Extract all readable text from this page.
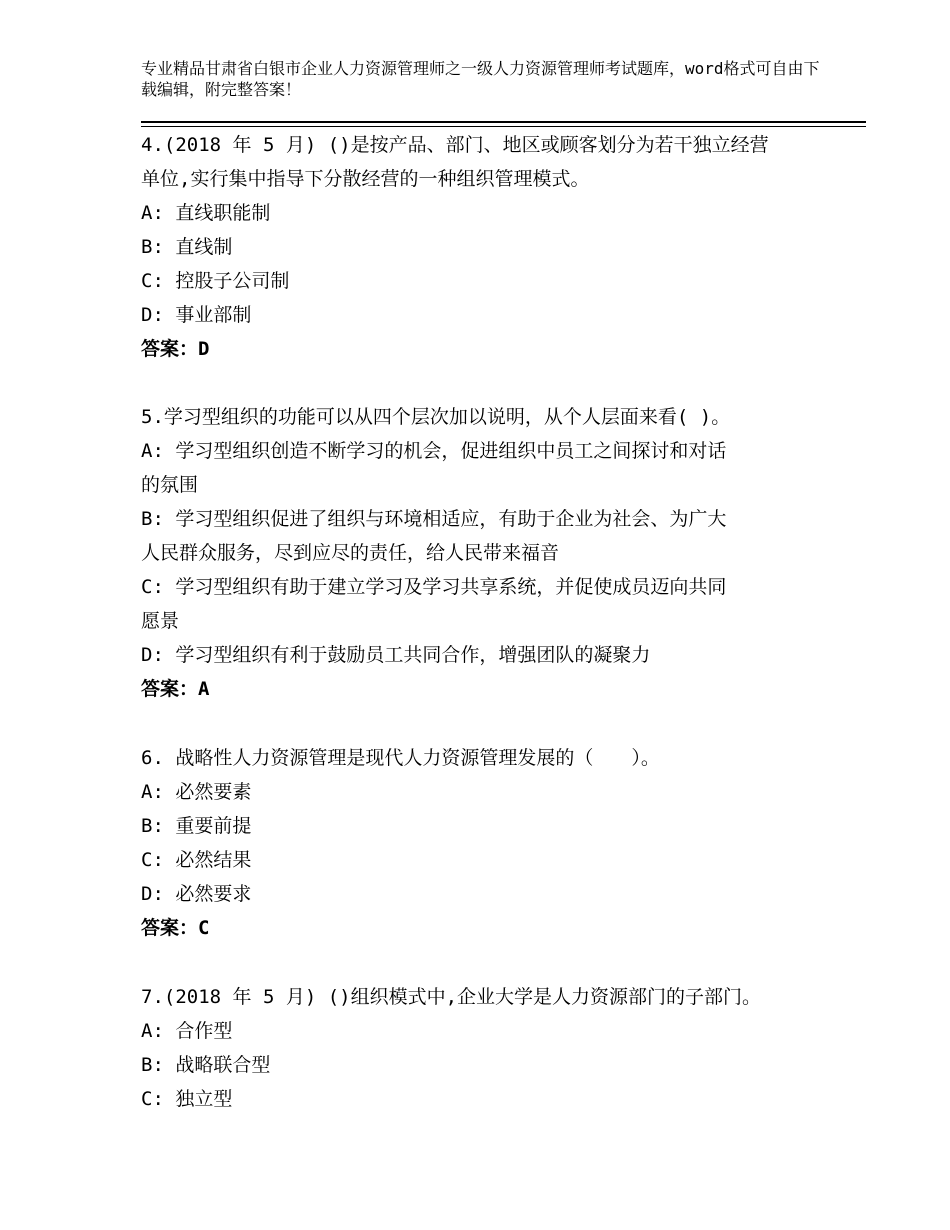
专业精品甘肃省白银市企业人力资源管理师之一级人力资源管理师考试题库，word格式可自由下载编辑，附完整答案！
4.(2018 年 5 月) ()是按产品、部门、地区或顾客划分为若干独立经营
单位,实行集中指导下分散经营的一种组织管理模式。
A: 直线职能制
B: 直线制
C: 控股子公司制
D: 事业部制
答案：D
5.学习型组织的功能可以从四个层次加以说明，从个人层面来看( )。
A: 学习型组织创造不断学习的机会，促进组织中员工之间探讨和对话
的氛围
B: 学习型组织促进了组织与环境相适应，有助于企业为社会、为广大
人民群众服务，尽到应尽的责任，给人民带来福音
C: 学习型组织有助于建立学习及学习共享系统，并促使成员迈向共同
愿景
D: 学习型组织有利于鼓励员工共同合作，增强团队的凝聚力
答案：A
6. 战略性人力资源管理是现代人力资源管理发展的（　　）。
A: 必然要素
B: 重要前提
C: 必然结果
D: 必然要求
答案：C
7.(2018 年 5 月) ()组织模式中,企业大学是人力资源部门的子部门。
A: 合作型
B: 战略联合型
C: 独立型
